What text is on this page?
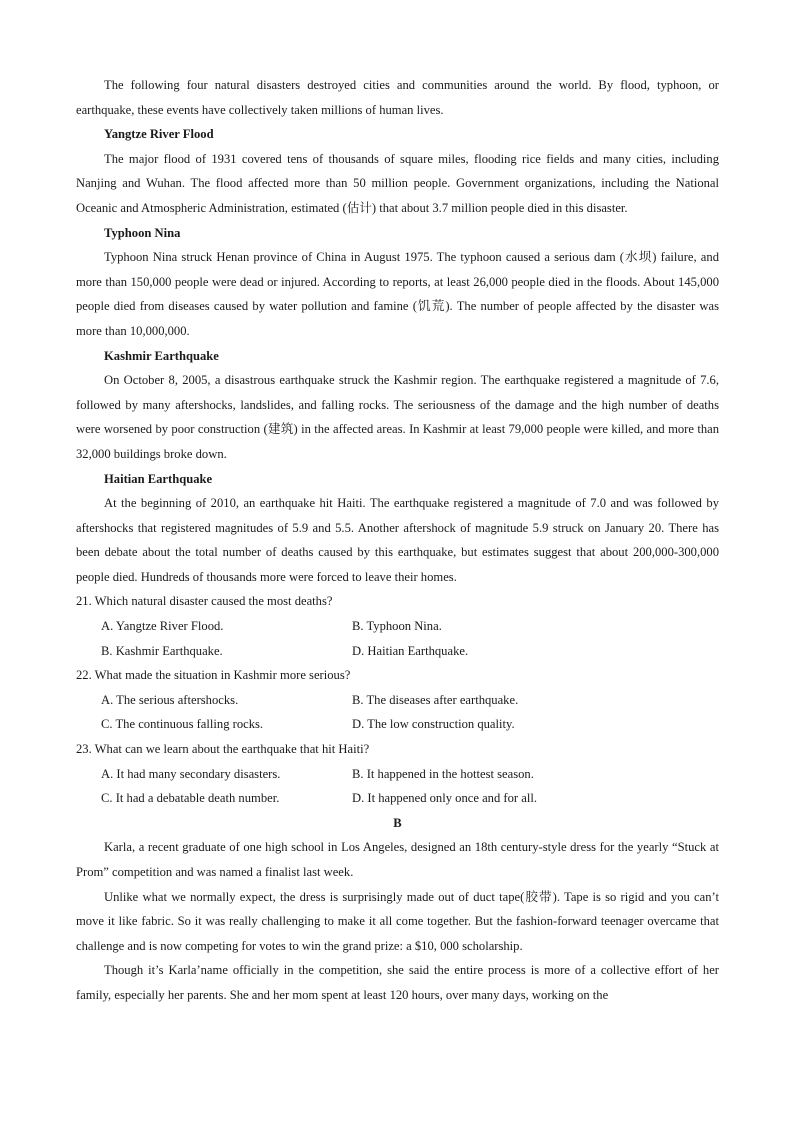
The following four natural disasters destroyed cities and communities around the world. By flood, typhoon, or earthquake, these events have collectively taken millions of human lives.

Yangtze River Flood

The major flood of 1931 covered tens of thousands of square miles, flooding rice fields and many cities, including Nanjing and Wuhan. The flood affected more than 50 million people. Government organizations, including the National Oceanic and Atmospheric Administration, estimated (估计) that about 3.7 million people died in this disaster.

Typhoon Nina

Typhoon Nina struck Henan province of China in August 1975. The typhoon caused a serious dam (水坝) failure, and more than 150,000 people were dead or injured. According to reports, at least 26,000 people died in the floods. About 145,000 people died from diseases caused by water pollution and famine (饥荒). The number of people affected by the disaster was more than 10,000,000.

Kashmir Earthquake

On October 8, 2005, a disastrous earthquake struck the Kashmir region. The earthquake registered a magnitude of 7.6, followed by many aftershocks, landslides, and falling rocks. The seriousness of the damage and the high number of deaths were worsened by poor construction (建筑) in the affected areas. In Kashmir at least 79,000 people were killed, and more than 32,000 buildings broke down.

Haitian Earthquake

At the beginning of 2010, an earthquake hit Haiti. The earthquake registered a magnitude of 7.0 and was followed by aftershocks that registered magnitudes of 5.9 and 5.5. Another aftershock of magnitude 5.9 struck on January 20. There has been debate about the total number of deaths caused by this earthquake, but estimates suggest that about 200,000-300,000 people died. Hundreds of thousands more were forced to leave their homes.

21. Which natural disaster caused the most deaths?

A. Yangtze River Flood.	B. Typhoon Nina.
B. Kashmir Earthquake.	D. Haitian Earthquake.

22. What made the situation in Kashmir more serious?

A. The serious aftershocks.	B. The diseases after earthquake.
C. The continuous falling rocks.	D. The low construction quality.

23. What can we learn about the earthquake that hit Haiti?

A. It had many secondary disasters.	B. It happened in the hottest season.
C. It had a debatable death number.	D. It happened only once and for all.

B

Karla, a recent graduate of one high school in Los Angeles, designed an 18th century-style dress for the yearly “Stuck at Prom” competition and was named a finalist last week.

Unlike what we normally expect, the dress is surprisingly made out of duct tape(胶带). Tape is so rigid and you can’t move it like fabric. So it was really challenging to make it all come together. But the fashion-forward teenager overcame that challenge and is now competing for votes to win the grand prize: a $10, 000 scholarship.

Though it’s Karla’name officially in the competition, she said the entire process is more of a collective effort of her family, especially her parents. She and her mom spent at least 120 hours, over many days, working on the
